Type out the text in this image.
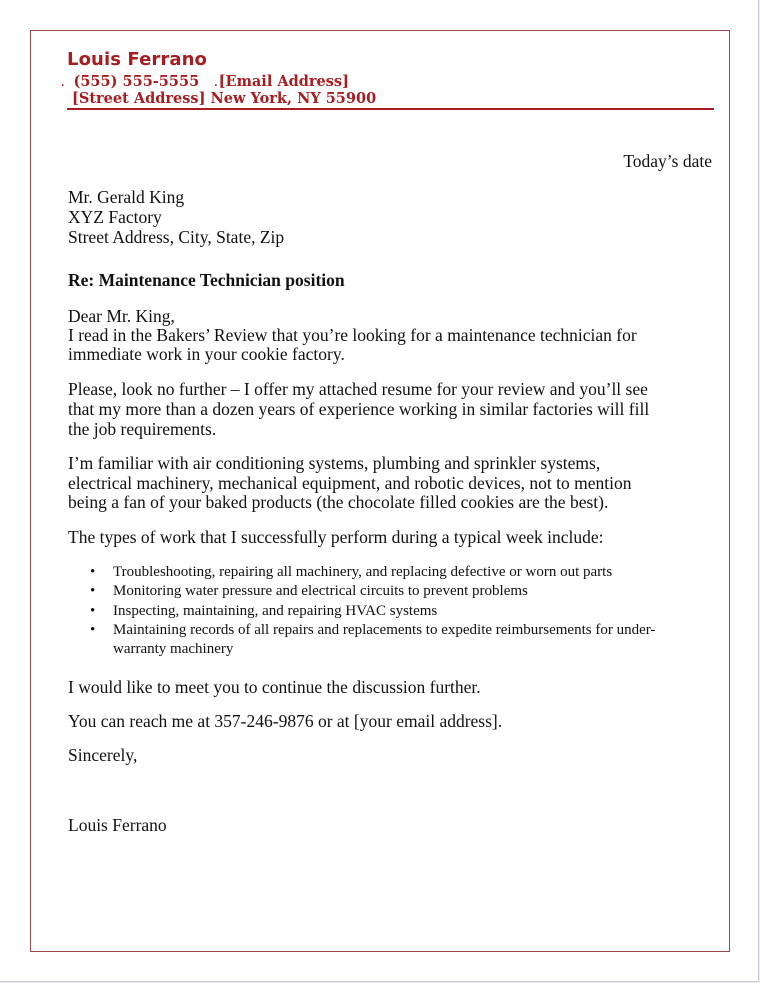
Louis Ferrano
. (555) 555-5555 .[Email Address]
[Street Address] New York, NY 55900
Today’s date
Mr. Gerald King
XYZ Factory
Street Address, City, State, Zip
Re: Maintenance Technician position
Dear Mr. King,
I read in the Bakers’ Review that you’re looking for a maintenance technician for
immediate work in your cookie factory.
Please, look no further – I offer my attached resume for your review and you’ll see
that my more than a dozen years of experience working in similar factories will fill
the job requirements.
I’m familiar with air conditioning systems, plumbing and sprinkler systems,
electrical machinery, mechanical equipment, and robotic devices, not to mention
being a fan of your baked products (the chocolate filled cookies are the best).
The types of work that I successfully perform during a typical week include:
• Troubleshooting, repairing all machinery, and replacing defective or worn out parts
• Monitoring water pressure and electrical circuits to prevent problems
• Inspecting, maintaining, and repairing HVAC systems
• Maintaining records of all repairs and replacements to expedite reimbursements for under-
warranty machinery
I would like to meet you to continue the discussion further.
You can reach me at 357-246-9876 or at [your email address].
Sincerely,
Louis Ferrano
